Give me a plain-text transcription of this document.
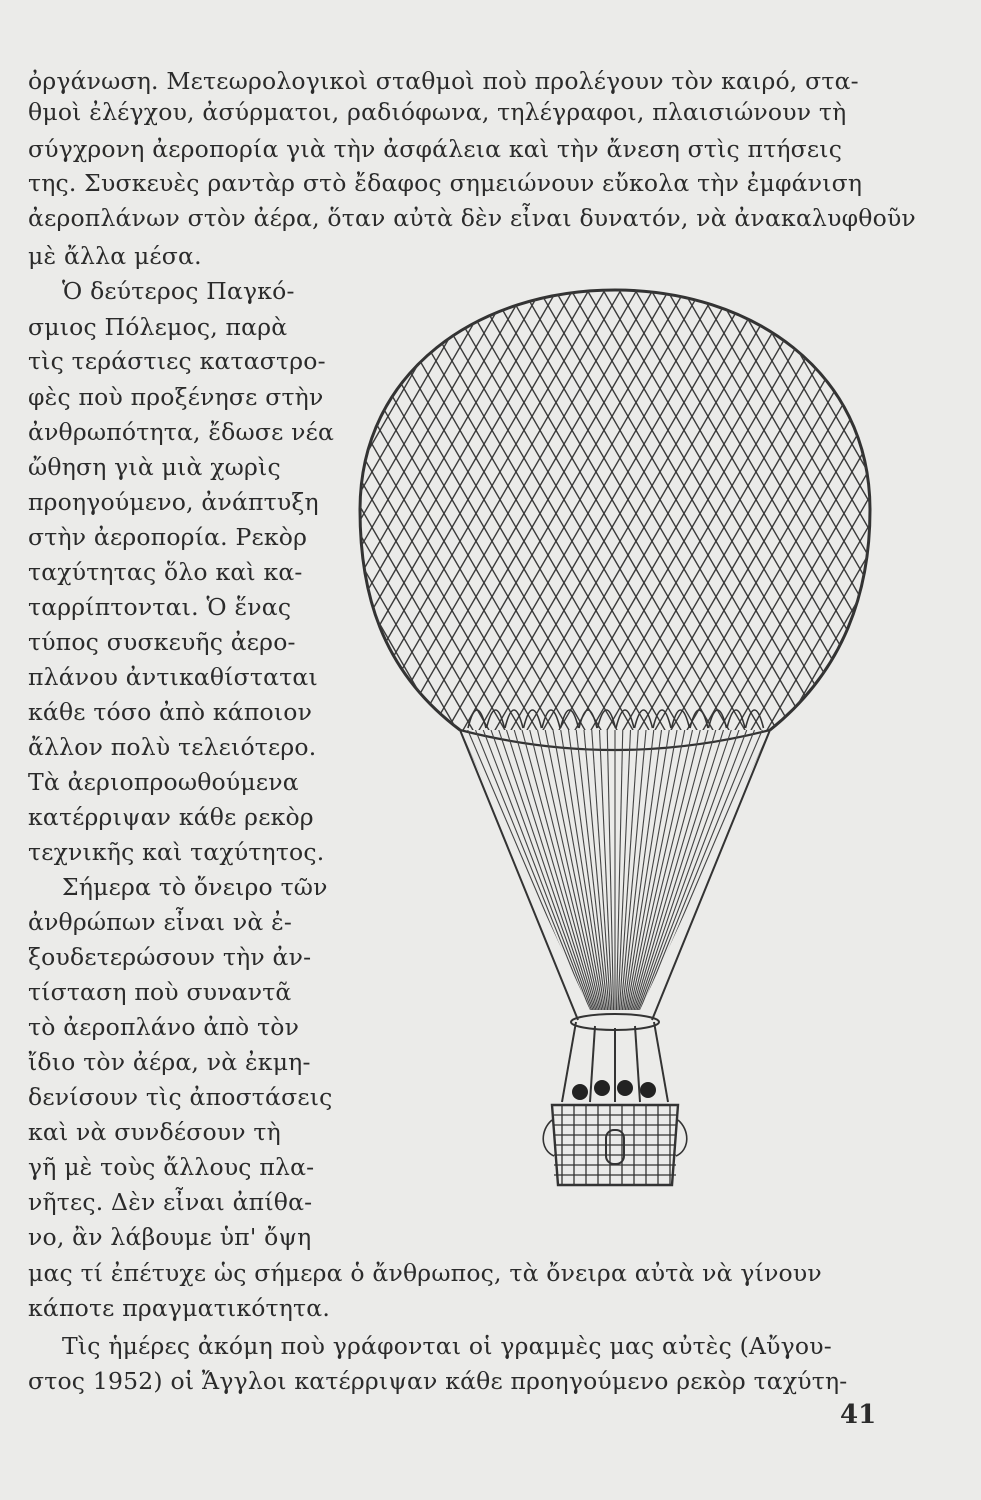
ὀργάνωση. Μετεωρολογικοὶ σταθμοὶ ποὺ προλέγουν τὸν καιρό, στα-
θμοὶ ἐλέγχου, ἀσύρματοι, ραδιόφωνα, τηλέγραφοι, πλαισιώνουν τὴ
σύγχρονη ἀεροπορία γιὰ τὴν ἀσφάλεια καὶ τὴν ἄνεση στὶς πτήσεις
της. Συσκευὲς ραντὰρ στὸ ἔδαφος σημειώνουν εὔκολα τὴν ἐμφάνιση
ἀεροπλάνων στὸν ἀέρα, ὅταν αὐτὰ δὲν εἶναι δυνατόν, νὰ ἀνακαλυφθοῦν
μὲ ἄλλα μέσα.
Ὁ δεύτερος Παγκό-
σμιος Πόλεμος, παρὰ
τὶς τεράστιες καταστρο-
φὲς ποὺ προξένησε στὴν
ἀνθρωπότητα, ἔδωσε νέα
ὤθηση γιὰ μιὰ χωρὶς
προηγούμενο, ἀνάπτυξη
στὴν ἀεροπορία. Ρεκὸρ
ταχύτητας ὅλο καὶ κα-
ταρρίπτονται. Ὁ ἕνας
τύπος συσκευῆς ἀερο-
πλάνου ἀντικαθίσταται
κάθε τόσο ἀπὸ κάποιον
ἄλλον πολὺ τελειότερο.
Τὰ ἀεριοπροωθούμενα
κατέρριψαν κάθε ρεκὸρ
τεχνικῆς καὶ ταχύτητος.
Σήμερα τὸ ὄνειρο τῶν
ἀνθρώπων εἶναι νὰ ἐ-
ξουδετερώσουν τὴν ἀν-
τίσταση ποὺ συναντᾶ
τὸ ἀεροπλάνο ἀπὸ τὸν
ἴδιο τὸν ἀέρα, νὰ ἐκμη-
δενίσουν τὶς ἀποστάσεις
καὶ νὰ συνδέσουν τὴ
γῆ μὲ τοὺς ἄλλους πλα-
νῆτες. Δὲν εἶναι ἀπίθα-
νο, ἂν λάβουμε ὑπ' ὄψη
μας τί ἐπέτυχε ὡς σήμερα ὁ ἄνθρωπος, τὰ ὄνειρα αὐτὰ νὰ γίνουν
κάποτε πραγματικότητα.
Τὶς ἡμέρες ἀκόμη ποὺ γράφονται οἱ γραμμὲς μας αὐτὲς (Αὔγου-
στος 1952) οἱ Ἄγγλοι κατέρριψαν κάθε προηγούμενο ρεκὸρ ταχύτη-
41
